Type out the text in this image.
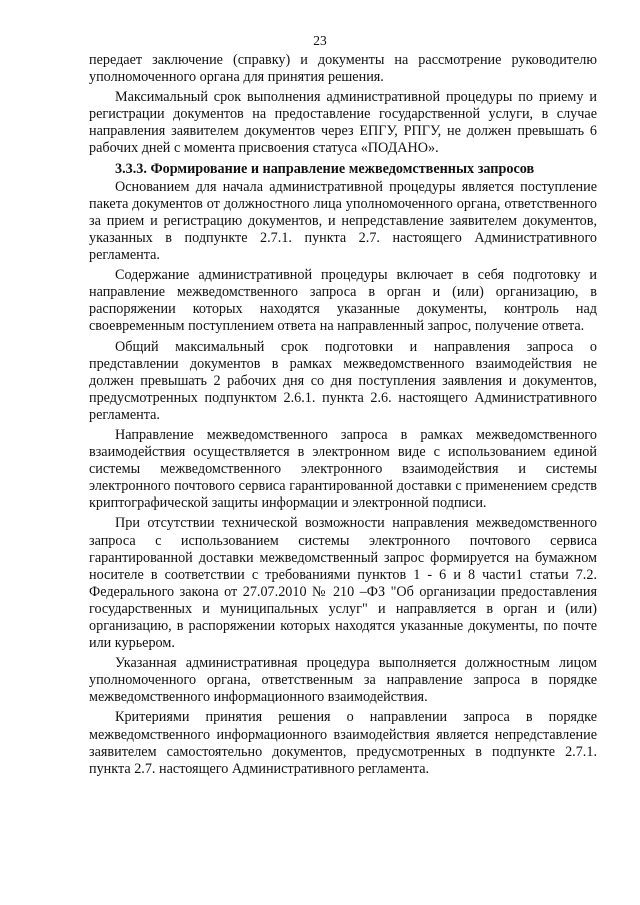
23

передает заключение (справку) и документы на рассмотрение руководителю уполномоченного органа для принятия решения.

Максимальный срок выполнения административной процедуры по приему и регистрации документов на предоставление государственной услуги, в случае направления заявителем документов через ЕПГУ, РПГУ, не должен превышать 6 рабочих дней с момента присвоения статуса «ПОДАНО».

3.3.3. Формирование и направление межведомственных запросов

Основанием для начала административной процедуры является поступление пакета документов от должностного лица уполномоченного органа, ответственного за прием и регистрацию документов, и непредставление заявителем документов, указанных в подпункте 2.7.1. пункта 2.7. настоящего Административного регламента.

Содержание административной процедуры включает в себя подготовку и направление межведомственного запроса в орган и (или) организацию, в распоряжении которых находятся указанные документы, контроль над своевременным поступлением ответа на направленный запрос, получение ответа.

Общий максимальный срок подготовки и направления запроса о представлении документов в рамках межведомственного взаимодействия не должен превышать 2 рабочих дня со дня поступления заявления и документов, предусмотренных подпунктом 2.6.1. пункта 2.6. настоящего Административного регламента.

Направление межведомственного запроса в рамках межведомственного взаимодействия осуществляется в электронном виде с использованием единой системы межведомственного электронного взаимодействия и системы электронного почтового сервиса гарантированной доставки с применением средств криптографической защиты информации и электронной подписи.

При отсутствии технической возможности направления межведомственного запроса с использованием системы электронного почтового сервиса гарантированной доставки межведомственный запрос формируется на бумажном носителе в соответствии с требованиями пунктов 1 - 6 и 8 части1 статьи 7.2. Федерального закона от 27.07.2010 № 210 –ФЗ "Об организации предоставления государственных и муниципальных услуг" и направляется в орган и (или) организацию, в распоряжении которых находятся указанные документы, по почте или курьером.

Указанная административная процедура выполняется должностным лицом уполномоченного органа, ответственным за направление запроса в порядке межведомственного информационного взаимодействия.

Критериями принятия решения о направлении запроса в порядке межведомственного информационного взаимодействия является непредставление заявителем самостоятельно документов, предусмотренных в подпункте 2.7.1. пункта 2.7. настоящего Административного регламента.
